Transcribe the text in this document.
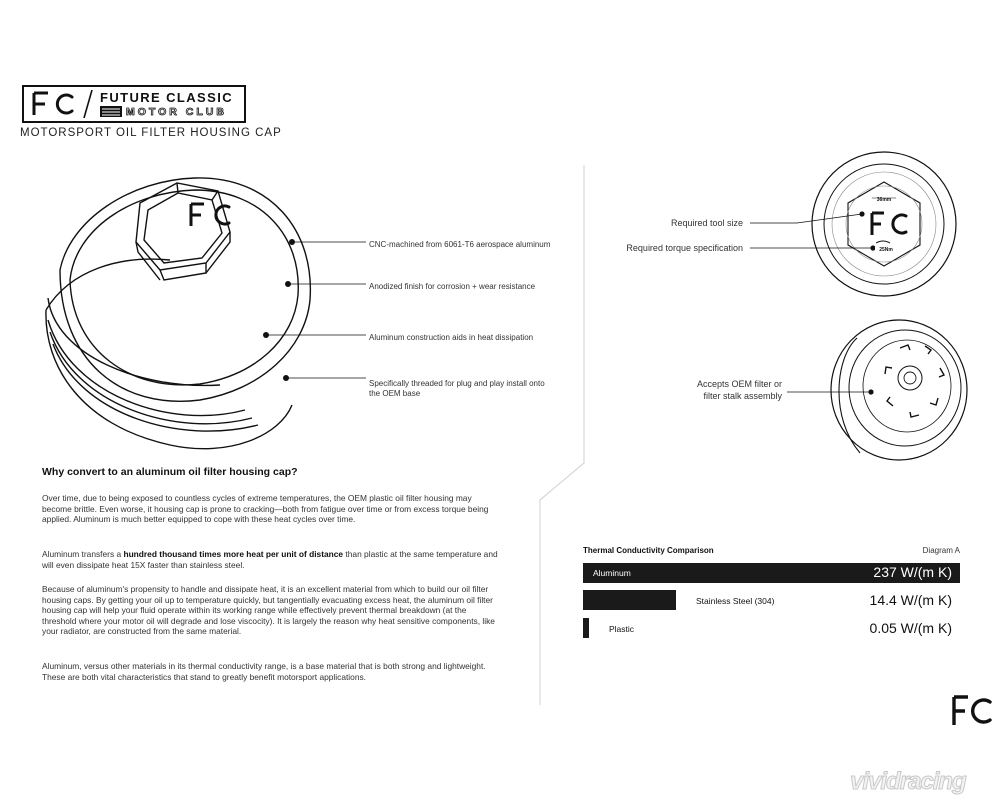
FUTURE CLASSIC
MOTOR CLUB
MOTORSPORT OIL FILTER HOUSING CAP
CNC-machined from 6061-T6 aerospace aluminum
Anodized finish for corrosion + wear resistance
Aluminum construction aids in heat dissipation
Specifically threaded for plug and play install onto
the OEM base
36mm
25Nm
Required tool size
Required torque specification
Accepts OEM filter or
filter stalk assembly
Why convert to an aluminum oil filter housing cap?

Over time, due to being exposed to countless cycles of extreme temperatures, the OEM plastic oil filter housing may become brittle. Even worse, it housing cap is prone to cracking—both from fatigue over time or from excess torque being applied. Aluminum is much better equipped to cope with these heat cycles over time.

Aluminum transfers a hundred thousand times more heat per unit of distance than plastic at the same temperature and will even dissipate heat 15X faster than stainless steel.

Because of aluminum's propensity to handle and dissipate heat, it is an excellent material from which to build our oil filter housing caps. By getting your oil up to temperature quickly, but tangentially evacuating excess heat, the aluminum oil filter housing cap will help your fluid operate within its working range while effectively prevent thermal breakdown (at the threshold where your motor oil will degrade and lose viscocity). It is largely the reason why heat sensitive components, like your radiator, are constructed from the same material.

Aluminum, versus other materials in its thermal conductivity range, is a base material that is both strong and lightweight. These are both vital characteristics that stand to greatly benefit motorsport applications.

Thermal Conductivity Comparison	Diagram A
Aluminum	237 W/(m K)
Stainless Steel (304)	14.4 W/(m K)
Plastic	0.05 W/(m K)
vividracing
